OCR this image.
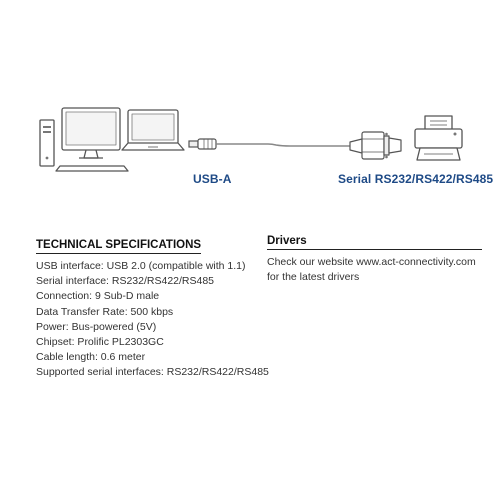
USB-A	Serial RS232/RS422/RS485
TECHNICAL SPECIFICATIONS
USB interface: USB 2.0 (compatible with 1.1)
Serial interface: RS232/RS422/RS485
Connection: 9 Sub-D male
Data Transfer Rate: 500 kbps
Power: Bus-powered (5V)
Chipset: Prolific PL2303GC
Cable length: 0.6 meter
Supported serial interfaces: RS232/RS422/RS485
Drivers
Check our website www.act-connectivity.com
for the latest drivers
